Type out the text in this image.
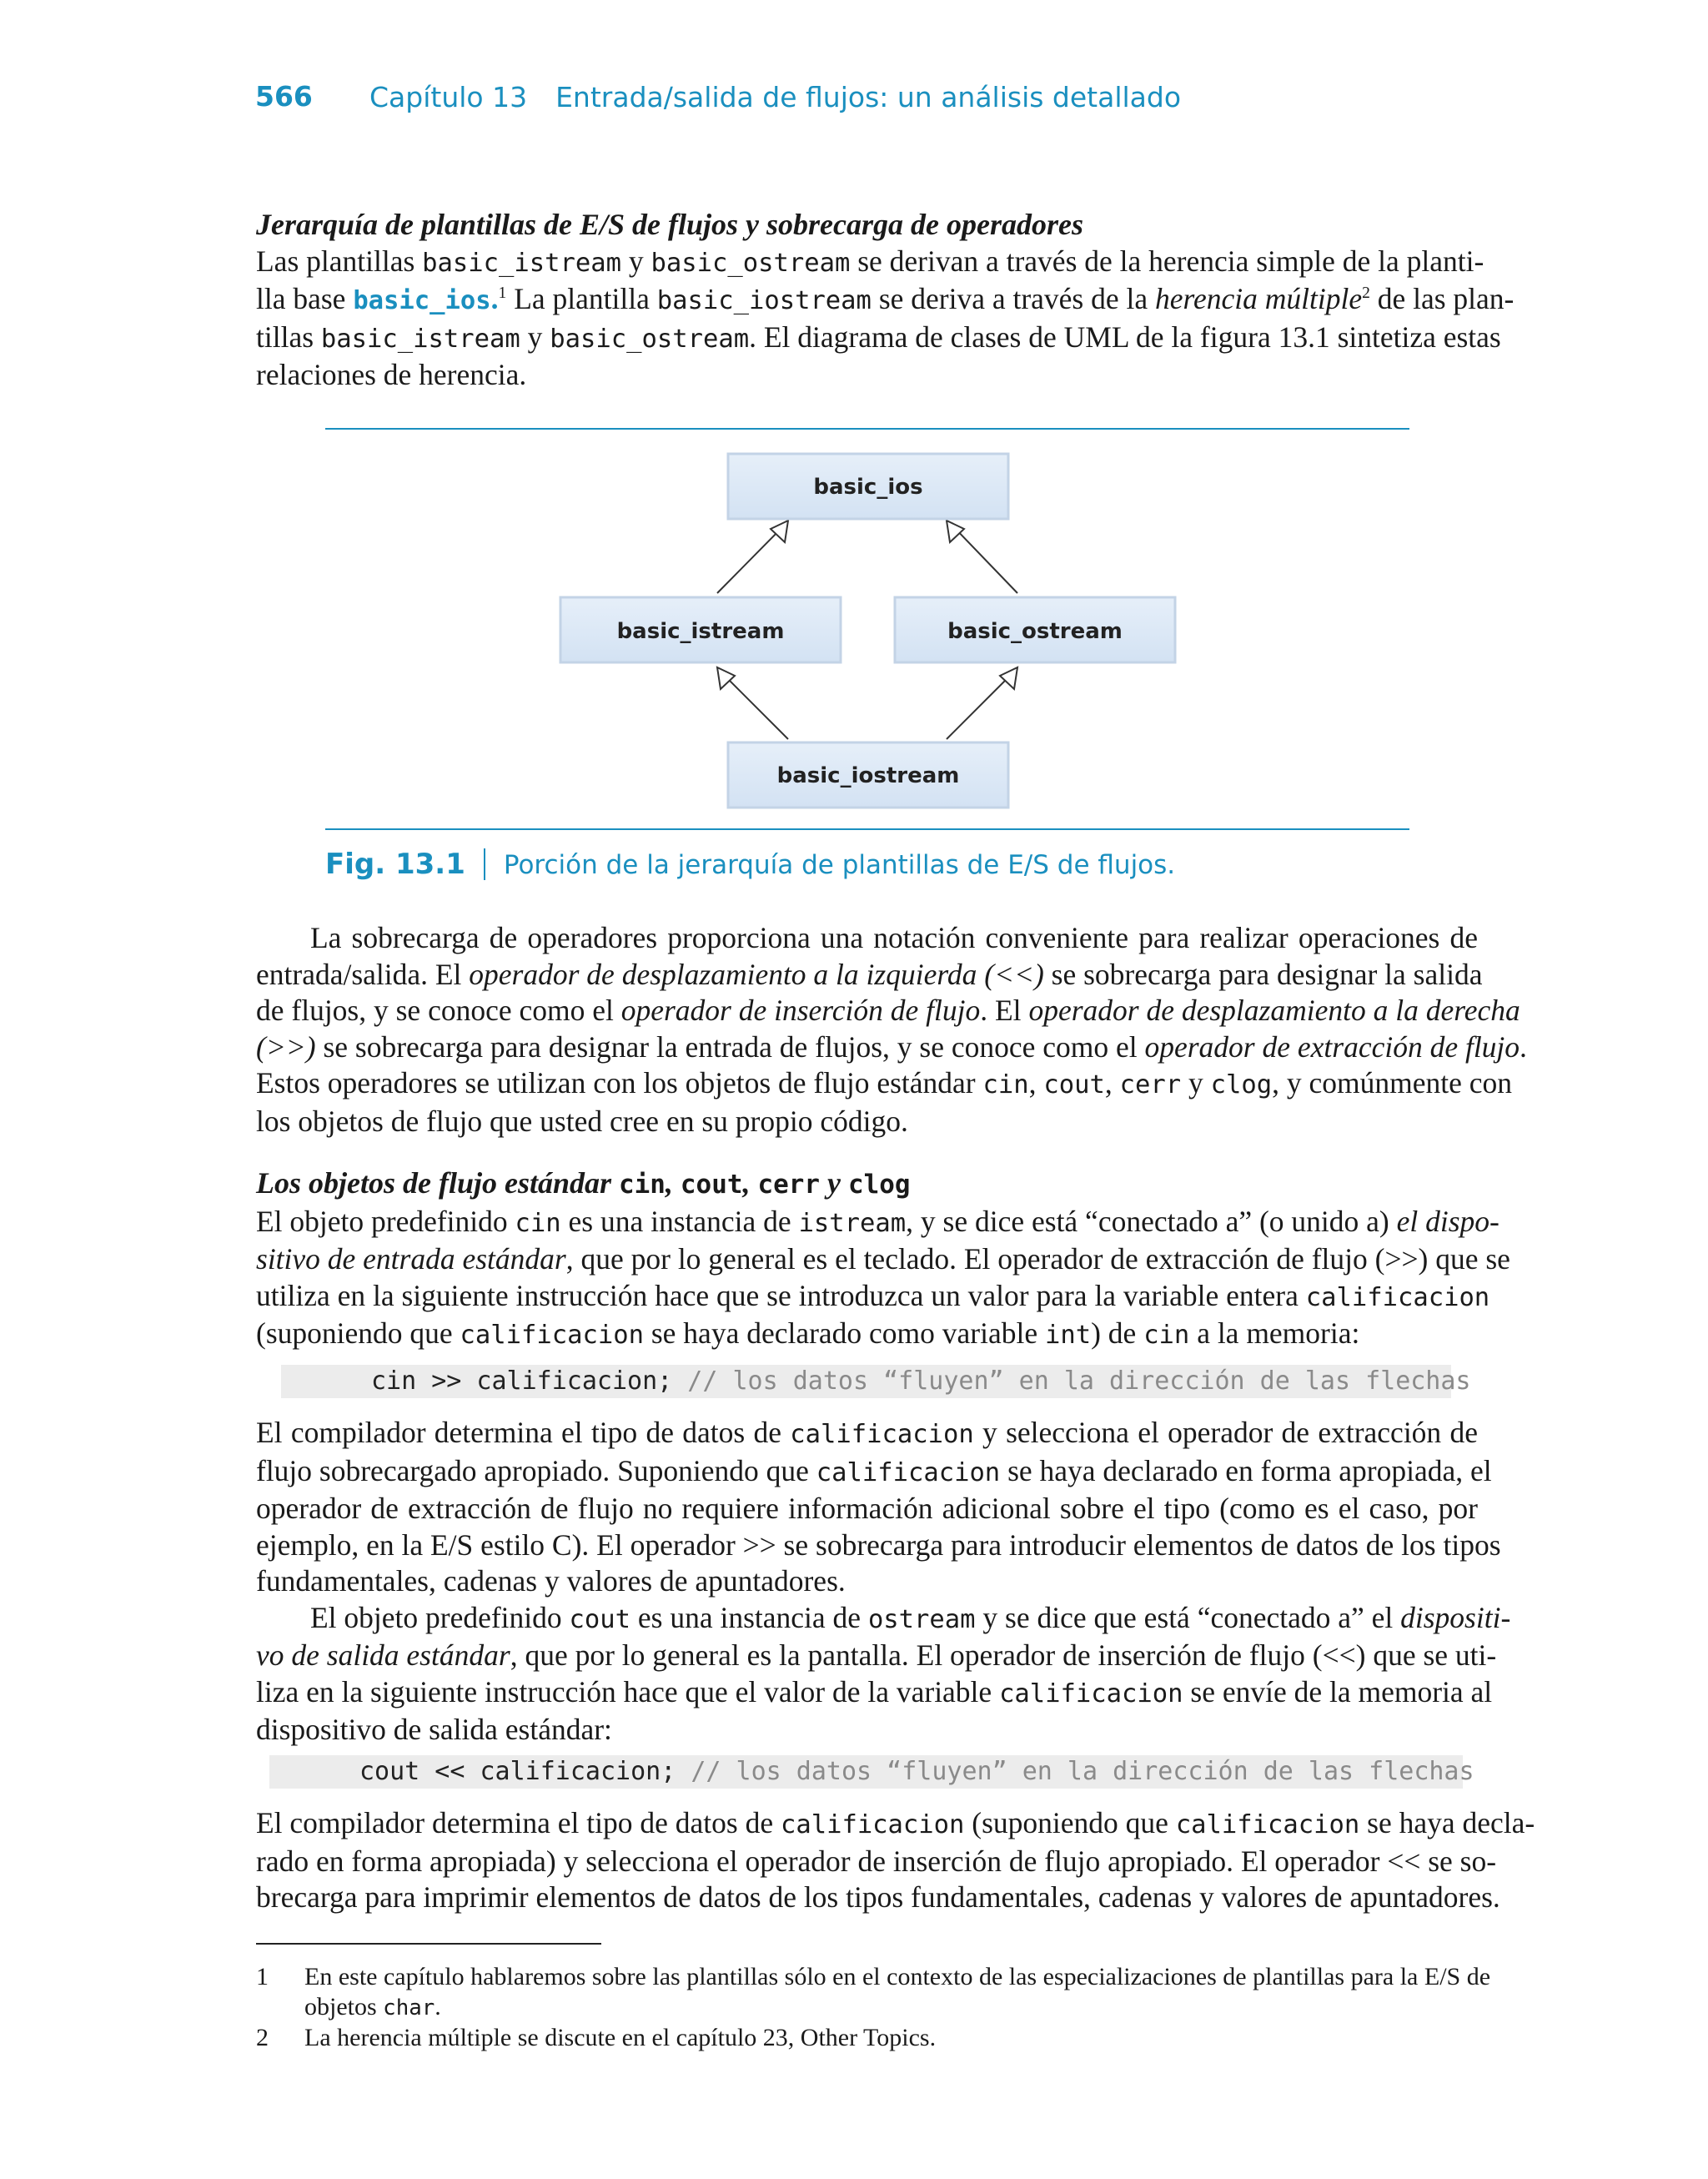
566 Capítulo 13 Entrada/salida de flujos: un análisis detallado
Jerarquía de plantillas de E/S de flujos y sobrecarga de operadores
Las plantillas basic_istream y basic_ostream se derivan a través de la herencia simple de la planti-
lla base basic_ios.$^1$ La plantilla basic_iostream se deriva a través de la herencia múltiple$^2$ de las plan-
tillas basic_istream y basic_ostream. El diagrama de clases de UML de la figura 13.1 sintetiza estas
relaciones de herencia.
basic_ios
basic_istream	basic_ostream
basic_iostream
Fig. 13.1 Porción de la jerarquía de plantillas de E/S de flujos.
La sobrecarga de operadores proporciona una notación conveniente para realizar operaciones de
entrada/salida. El operador de desplazamiento a la izquierda (<<) se sobrecarga para designar la salida
de flujos, y se conoce como el operador de inserción de flujo. El operador de desplazamiento a la derecha
(>>) se sobrecarga para designar la entrada de flujos, y se conoce como el operador de extracción de flujo.
Estos operadores se utilizan con los objetos de flujo estándar cin, cout, cerr y clog, y comúnmente con
los objetos de flujo que usted cree en su propio código.
Los objetos de flujo estándar cin, cout, cerr y clog
El objeto predefinido cin es una instancia de istream, y se dice está “conectado a” (o unido a) el dispo-
sitivo de entrada estándar, que por lo general es el teclado. El operador de extracción de flujo (>>) que se
utiliza en la siguiente instrucción hace que se introduzca un valor para la variable entera calificacion
(suponiendo que calificacion se haya declarado como variable int) de cin a la memoria:
cin >> calificacion; // los datos “fluyen” en la dirección de las flechas
El compilador determina el tipo de datos de calificacion y selecciona el operador de extracción de
flujo sobrecargado apropiado. Suponiendo que calificacion se haya declarado en forma apropiada, el
operador de extracción de flujo no requiere información adicional sobre el tipo (como es el caso, por
ejemplo, en la E/S estilo C). El operador >> se sobrecarga para introducir elementos de datos de los tipos
fundamentales, cadenas y valores de apuntadores.
El objeto predefinido cout es una instancia de ostream y se dice que está “conectado a” el dispositi-
vo de salida estándar, que por lo general es la pantalla. El operador de inserción de flujo (<<) que se uti-
liza en la siguiente instrucción hace que el valor de la variable calificacion se envíe de la memoria al
dispositivo de salida estándar:
cout << calificacion; // los datos “fluyen” en la dirección de las flechas
El compilador determina el tipo de datos de calificacion (suponiendo que calificacion se haya decla-
rado en forma apropiada) y selecciona el operador de inserción de flujo apropiado. El operador << se so-
brecarga para imprimir elementos de datos de los tipos fundamentales, cadenas y valores de apuntadores.
1 En este capítulo hablaremos sobre las plantillas sólo en el contexto de las especializaciones de plantillas para la E/S de
objetos char.
2 La herencia múltiple se discute en el capítulo 23, Other Topics.
